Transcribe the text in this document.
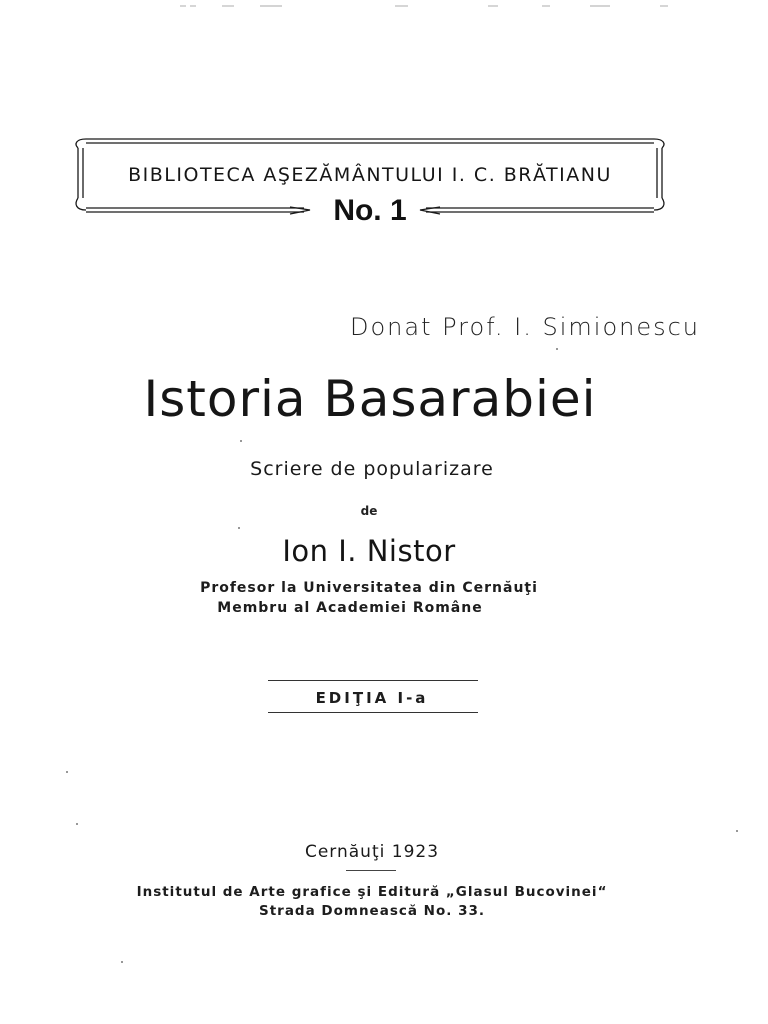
BIBLIOTECA AŞEZĂMÂNTULUI I. C. BRĂTIANU
No. 1
Donat Prof. I. Simionescu
Istoria Basarabiei
Scriere de popularizare
de
Ion I. Nistor
Profesor la Universitatea din Cernăuţi
Membru al Academiei Române
EDIŢIA I-a
Cernăuţi 1923
Institutul de Arte grafice şi Editură „Glasul Bucovinei“
Strada Domnească No. 33.
